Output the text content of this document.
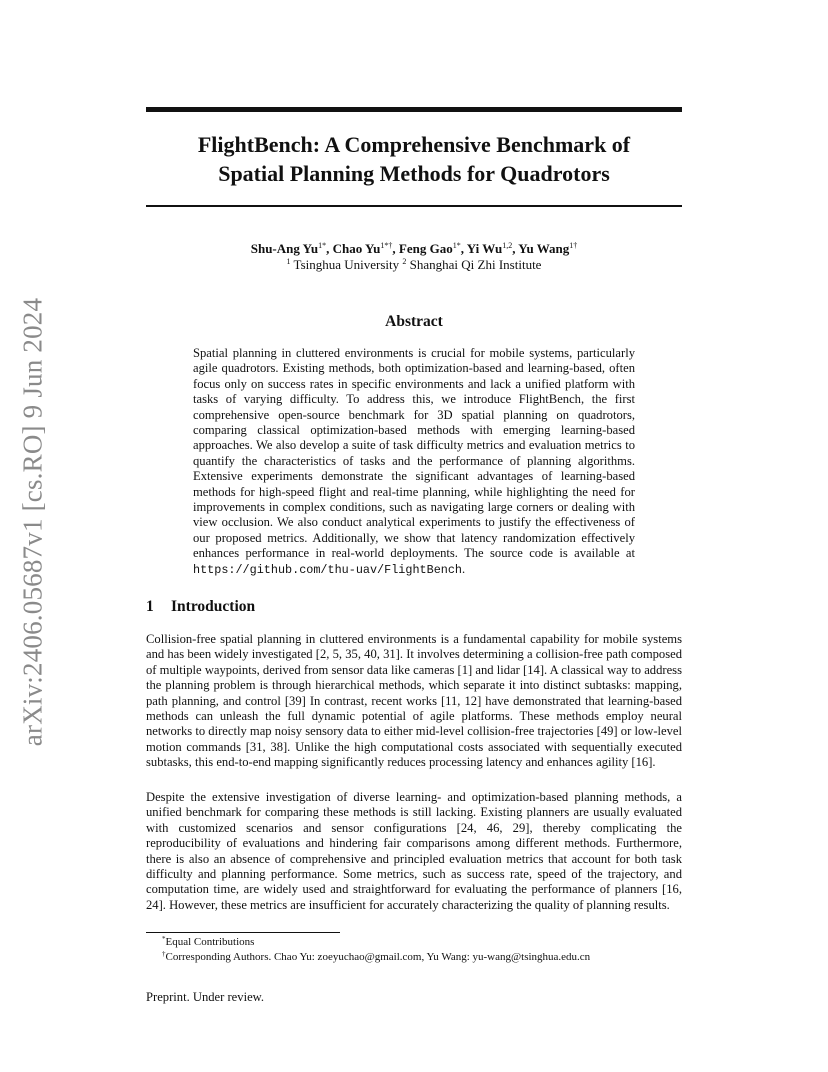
arXiv:2406.05687v1 [cs.RO] 9 Jun 2024
FlightBench: A Comprehensive Benchmark of
Spatial Planning Methods for Quadrotors
Shu-Ang $Yu^{1*}$, Chao $Yu^{1*\dagger}$, Feng Gao$^{1*}$, Yi Wu$^{1,2}$, Yu Wang$^{1\dagger}$
$^1$ Tsinghua University $^2$ Shanghai Qi Zhi Institute
Abstract
Spatial planning in cluttered environments is crucial for mobile systems, particularly agile quadrotors. Existing methods, both optimization-based and learning-based, often focus only on success rates in specific environments and lack a unified platform with tasks of varying difficulty. To address this, we introduce FlightBench, the first comprehensive open-source benchmark for 3D spatial planning on quadrotors, comparing classical optimization-based methods with emerging learning-based approaches. We also develop a suite of task difficulty metrics and evaluation metrics to quantify the characteristics of tasks and the performance of planning algorithms. Extensive experiments demonstrate the significant advantages of learning-based methods for high-speed flight and real-time planning, while highlighting the need for improvements in complex conditions, such as navigating large corners or dealing with view occlusion. We also conduct analytical experiments to justify the effectiveness of our proposed metrics. Additionally, we show that latency randomization effectively enhances performance in real-world deployments. The source code is available at https://github.com/thu-uav/FlightBench.
1 Introduction
Collision-free spatial planning in cluttered environments is a fundamental capability for mobile systems and has been widely investigated [2, 5, 35, 40, 31]. It involves determining a collision-free path composed of multiple waypoints, derived from sensor data like cameras [1] and lidar [14]. A classical way to address the planning problem is through hierarchical methods, which separate it into distinct subtasks: mapping, path planning, and control [39] In contrast, recent works [11, 12] have demonstrated that learning-based methods can unleash the full dynamic potential of agile platforms. These methods employ neural networks to directly map noisy sensory data to either mid-level collision-free trajectories [49] or low-level motion commands [31, 38]. Unlike the high computational costs associated with sequentially executed subtasks, this end-to-end mapping significantly reduces processing latency and enhances agility [16].
Despite the extensive investigation of diverse learning- and optimization-based planning methods, a unified benchmark for comparing these methods is still lacking. Existing planners are usually evaluated with customized scenarios and sensor configurations [24, 46, 29], thereby complicating the reproducibility of evaluations and hindering fair comparisons among different methods. Furthermore, there is also an absence of comprehensive and principled evaluation metrics that account for both task difficulty and planning performance. Some metrics, such as success rate, speed of the trajectory, and computation time, are widely used and straightforward for evaluating the performance of planners [16, 24]. However, these metrics are insufficient for accurately characterizing the quality of planning results.
*Equal Contributions
†Corresponding Authors. Chao Yu: zoeyuchao@gmail.com, Yu Wang: yu-wang@tsinghua.edu.cn
Preprint. Under review.
